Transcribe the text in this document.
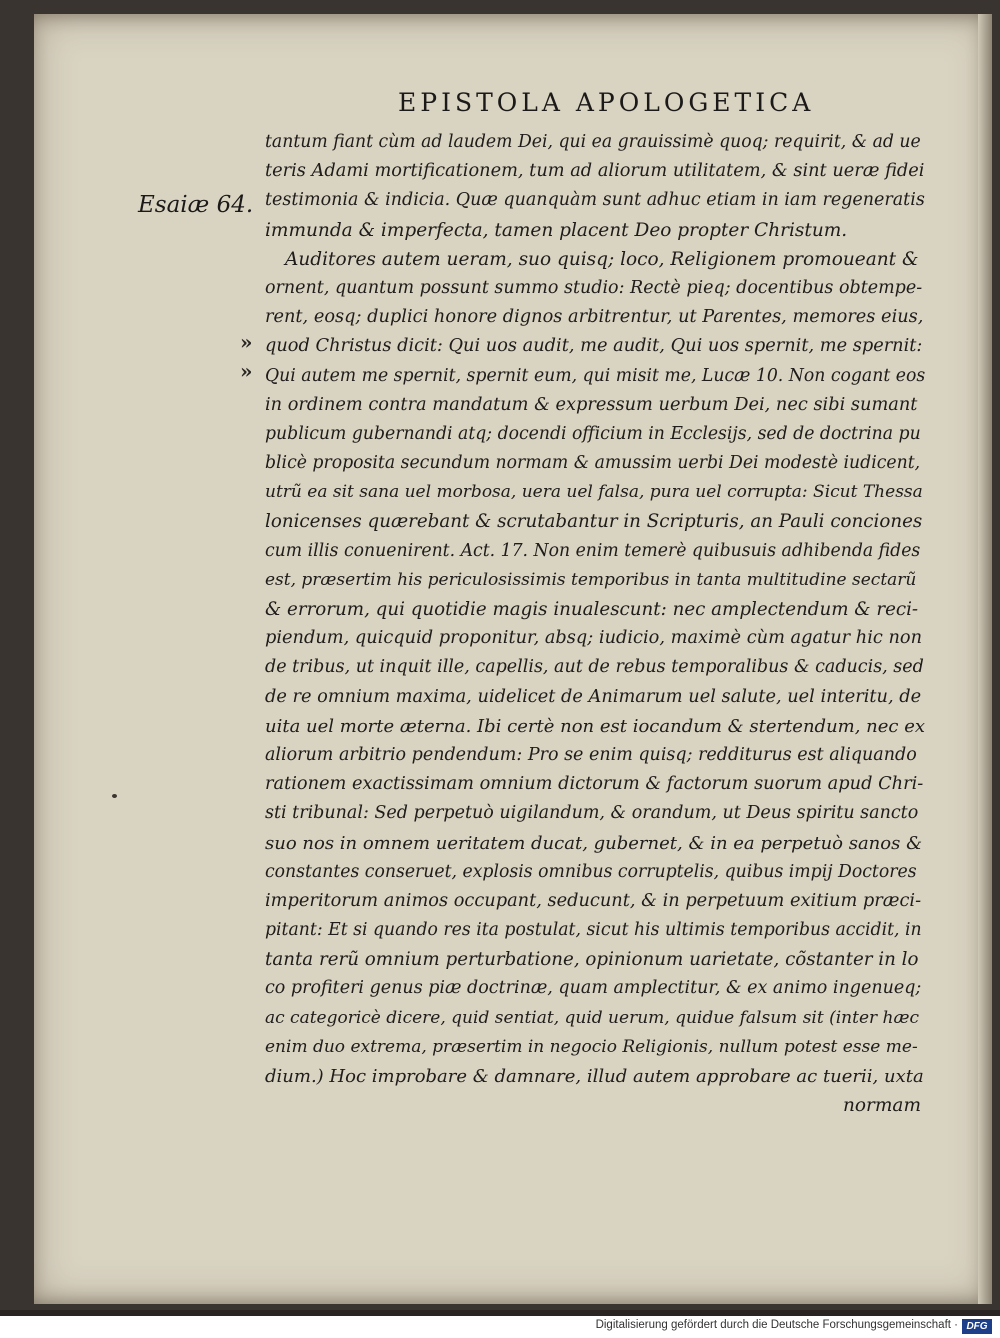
EPISTOLA APOLOGETICA
Esaiæ 64.
»
»
tantum fiant cùm ad laudem Dei, qui ea grauissimè quoq; requirit, & ad ue
teris Adami mortificationem, tum ad aliorum utilitatem, & sint ueræ fidei
testimonia & indicia. Quæ quanquàm sunt adhuc etiam in iam regeneratis
immunda & imperfecta, tamen placent Deo propter Christum.
Auditores autem ueram, suo quisq; loco, Religionem promoueant &
ornent, quantum possunt summo studio: Rectè pieq; docentibus obtempe-
rent, eosq; duplici honore dignos arbitrentur, ut Parentes, memores eius,
quod Christus dicit: Qui uos audit, me audit, Qui uos spernit, me spernit:
Qui autem me spernit, spernit eum, qui misit me, Lucæ 10. Non cogant eos
in ordinem contra mandatum & expressum uerbum Dei, nec sibi sumant
publicum gubernandi atq; docendi officium in Ecclesijs, sed de doctrina pu
blicè proposita secundum normam & amussim uerbi Dei modestè iudicent,
utrũ ea sit sana uel morbosa, uera uel falsa, pura uel corrupta: Sicut Thessa
lonicenses quærebant & scrutabantur in Scripturis, an Pauli conciones
cum illis conuenirent. Act. 17. Non enim temerè quibusuis adhibenda fides
est, præsertim his periculosissimis temporibus in tanta multitudine sectarũ
& errorum, qui quotidie magis inualescunt: nec amplectendum & reci-
piendum, quicquid proponitur, absq; iudicio, maximè cùm agatur hic non
de tribus, ut inquit ille, capellis, aut de rebus temporalibus & caducis, sed
de re omnium maxima, uidelicet de Animarum uel salute, uel interitu, de
uita uel morte æterna. Ibi certè non est iocandum & stertendum, nec ex
aliorum arbitrio pendendum: Pro se enim quisq; redditurus est aliquando
rationem exactissimam omnium dictorum & factorum suorum apud Chri-
sti tribunal: Sed perpetuò uigilandum, & orandum, ut Deus spiritu sancto
suo nos in omnem ueritatem ducat, gubernet, & in ea perpetuò sanos &
constantes conseruet, explosis omnibus corruptelis, quibus impij Doctores
imperitorum animos occupant, seducunt, & in perpetuum exitium præci-
pitant: Et si quando res ita postulat, sicut his ultimis temporibus accidit, in
tanta rerũ omnium perturbatione, opinionum uarietate, cõstanter in lo
co profiteri genus piæ doctrinæ, quam amplectitur, & ex animo ingenueq;
ac categoricè dicere, quid sentiat, quid uerum, quidue falsum sit (inter hæc
enim duo extrema, præsertim in negocio Religionis, nullum potest esse me-
dium.) Hoc improbare & damnare, illud autem approbare ac tuerii, uxta
normam
Digitalisierung gefördert durch die Deutsche Forschungsgemeinschaft · DFG
